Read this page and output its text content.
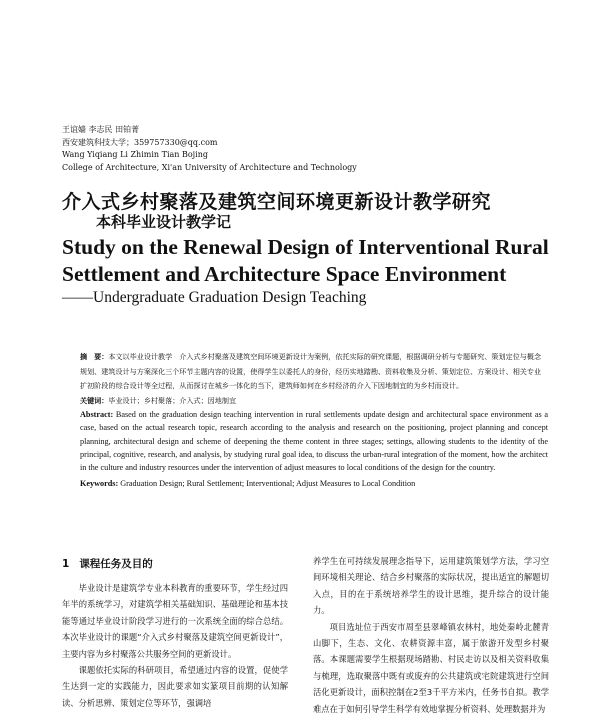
王谊嫱 李志民 田铂菁
西安建筑科技大学；359757330@qq.com
Wang Yiqiang Li Zhimin Tian Bojing
College of Architecture, Xi'an University of Architecture and Technology
介入式乡村聚落及建筑空间环境更新设计教学研究
本科毕业设计教学记
Study on the Renewal Design of Interventional Rural
Settlement and Architecture Space Environment
——Undergraduate Graduation Design Teaching
摘　要：本文以毕业设计教学　介入式乡村聚落及建筑空间环境更新设计为案例，依托实际的研究课题，根据调研分析与专题研究、策划定位与概念规划、建筑设计与方案深化三个环节主题内容的设置，使得学生以委托人的身份，经历实地踏勘、资料收集及分析、策划定位、方案设计、相关专业扩初阶段的综合设计等全过程，从而探讨在城乡一体化的当下，建筑师如何在乡村经济的介入下因地制宜的为乡村而设计。
关键词：毕业设计；乡村聚落；介入式；因地制宜
Abstract: Based on the graduation design teaching intervention in rural settlements update design and architectural space environment as a case, based on the actual research topic, research according to the analysis and research on the positioning, project planning and concept planning, architectural design and scheme of deepening the theme content in three stages; settings, allowing students to the identity of the principal, cognitive, research, and analysis, by studying rural goal idea, to discuss the urban-rural integration of the moment, how the architect in the culture and industry resources under the intervention of adjust measures to local conditions of the design for the country.
Keywords: Graduation Design; Rural Settlement; Interventional; Adjust Measures to Local Condition
1 课程任务及目的

毕业设计是建筑学专业本科教育的重要环节，学生经过四年半的系统学习，对建筑学相关基础知识、基础理论和基本技能等通过毕业设计阶段学习进行的一次系统全面的综合总结。本次毕业设计的课题“介入式乡村聚落及建筑空间更新设计”，主要内容为乡村聚落公共服务空间的更新设计。

课题依托实际的科研项目，希望通过内容的设置，促使学生达到一定的实践能力，因此要求如实篆项目前期的认知解读、分析思辨、策划定位等环节，强调培

养学生在可持续发展理念指导下，运用建筑策划学方法，学习空间环境相关理论、结合乡村聚落的实际状况，提出适宜的解题切入点，目的在于系统培养学生的设计思维，提升综合的设计能力。

项目选址位于西安市周至县翠峰镇农林村，地处秦岭北麓青山脚下，生态、文化、农耕资源丰富，属于旅游开发型乡村聚落。本课题需要学生根据现场踏勘、村民走访以及相关资料收集与梳理，选取聚落中既有或废弃的公共建筑或宅院建筑进行空间活化更新设计，面积控制在2至3千平方米内，任务书自拟。教学难点在于如何引导学生科学有效地掌握分析资料、处理数据并为
